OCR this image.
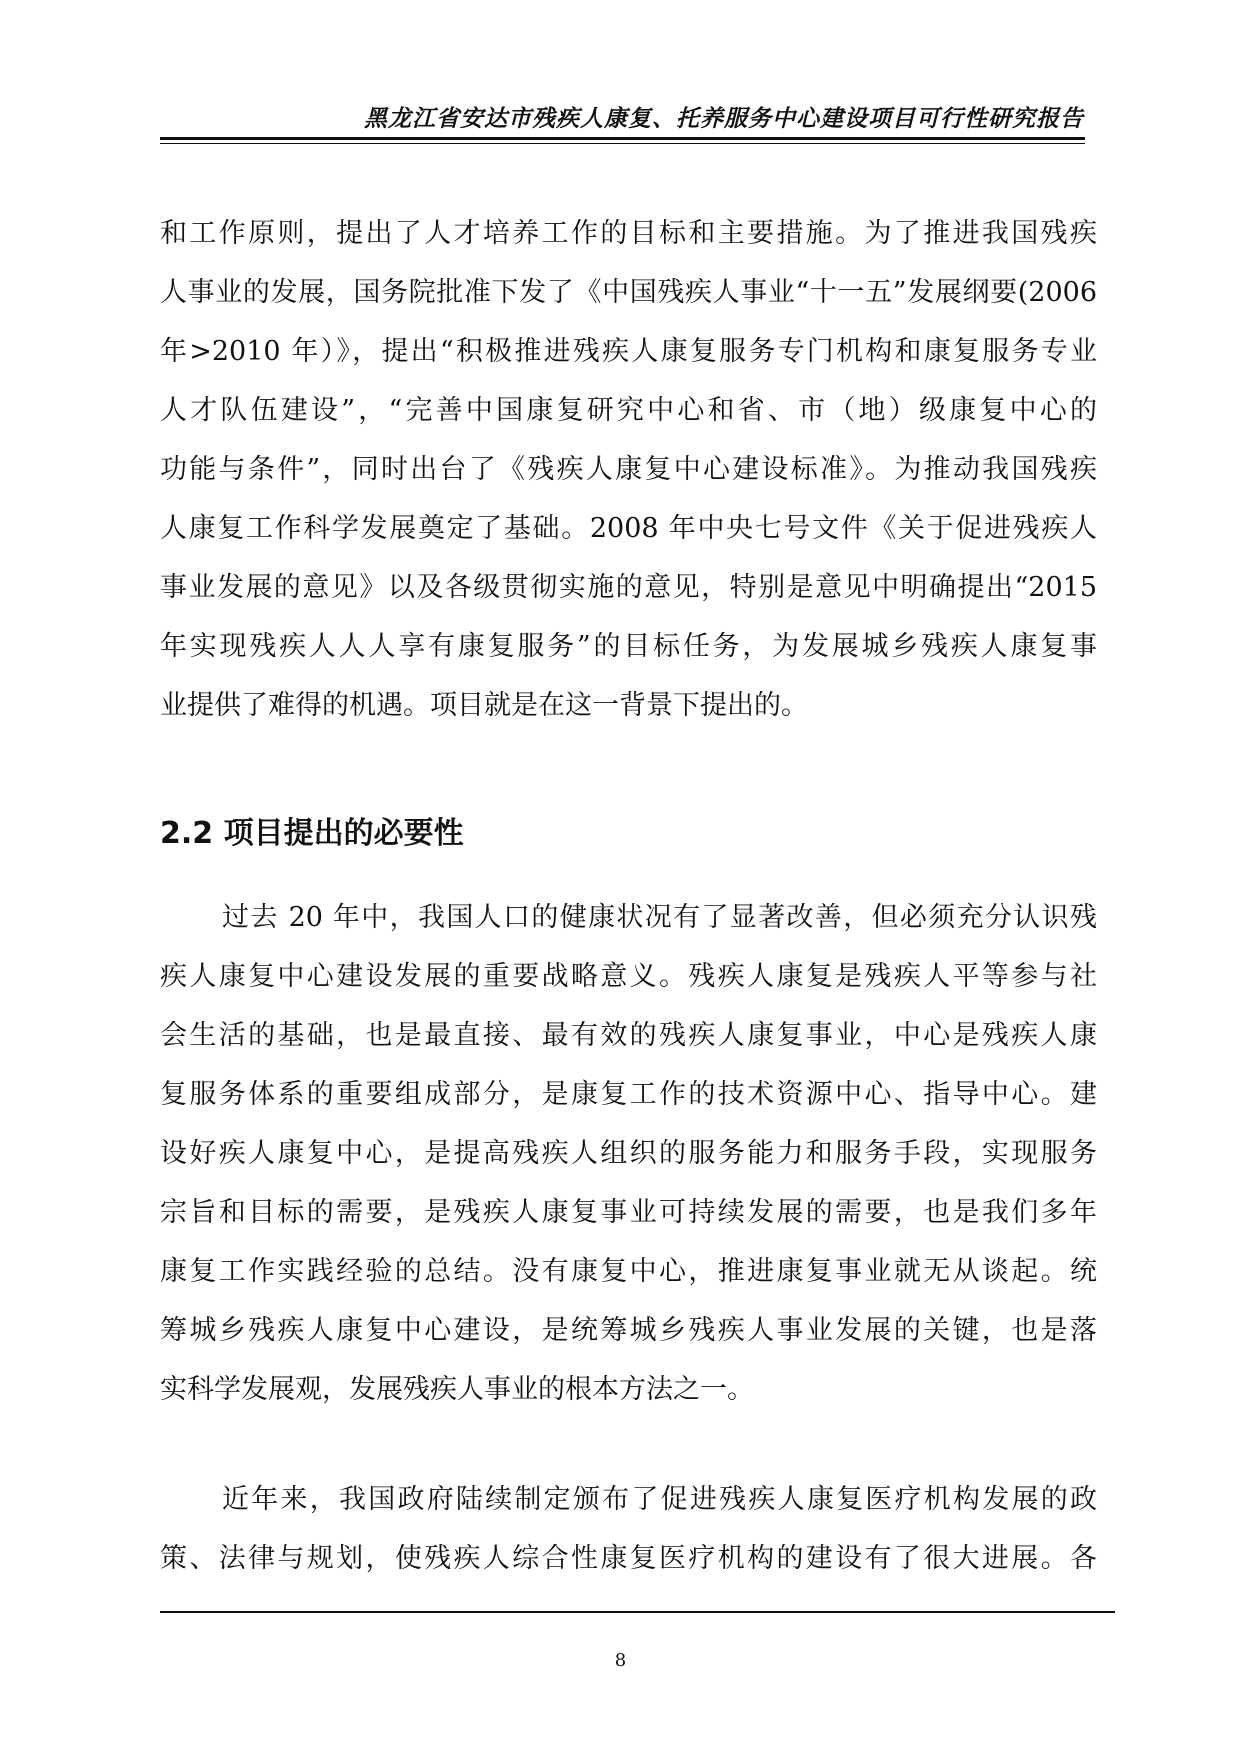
黑龙江省安达市残疾人康复、托养服务中心建设项目可行性研究报告
和工作原则，提出了人才培养工作的目标和主要措施。为了推进我国残疾
人事业的发展，国务院批准下发了《中国残疾人事业“十一五”发展纲要(2006
年>2010 年）》，提出“积极推进残疾人康复服务专门机构和康复服务专业
人才队伍建设”，“完善中国康复研究中心和省、市（地）级康复中心的
功能与条件”，同时出台了《残疾人康复中心建设标准》。为推动我国残疾
人康复工作科学发展奠定了基础。2008 年中央七号文件《关于促进残疾人
事业发展的意见》以及各级贯彻实施的意见，特别是意见中明确提出“2015
年实现残疾人人人享有康复服务”的目标任务，为发展城乡残疾人康复事
业提供了难得的机遇。项目就是在这一背景下提出的。
2.2 项目提出的必要性
过去 20 年中，我国人口的健康状况有了显著改善，但必须充分认识残
疾人康复中心建设发展的重要战略意义。残疾人康复是残疾人平等参与社
会生活的基础，也是最直接、最有效的残疾人康复事业，中心是残疾人康
复服务体系的重要组成部分，是康复工作的技术资源中心、指导中心。建
设好疾人康复中心，是提高残疾人组织的服务能力和服务手段，实现服务
宗旨和目标的需要，是残疾人康复事业可持续发展的需要，也是我们多年
康复工作实践经验的总结。没有康复中心，推进康复事业就无从谈起。统
筹城乡残疾人康复中心建设，是统筹城乡残疾人事业发展的关键，也是落
实科学发展观，发展残疾人事业的根本方法之一。
近年来，我国政府陆续制定颁布了促进残疾人康复医疗机构发展的政
策、法律与规划，使残疾人综合性康复医疗机构的建设有了很大进展。各
8
